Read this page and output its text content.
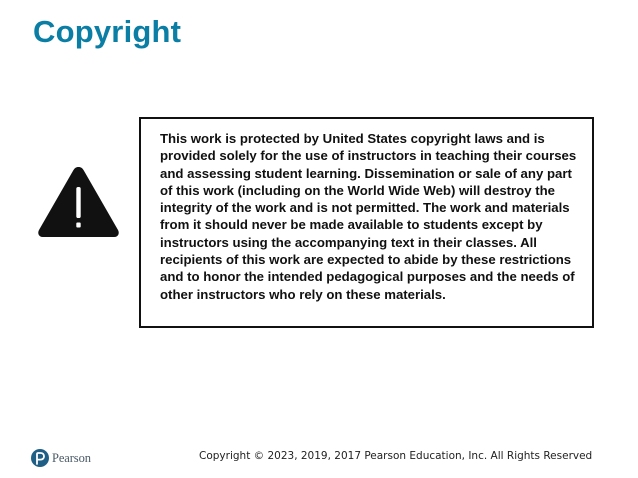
Copyright

This work is protected by United States copyright laws and is provided solely for the use of instructors in teaching their courses and assessing student learning. Dissemination or sale of any part of this work (including on the World Wide Web) will destroy the integrity of the work and is not permitted. The work and materials from it should never be made available to students except by instructors using the accompanying text in their classes. All recipients of this work are expected to abide by these restrictions and to honor the intended pedagogical purposes and the needs of other instructors who rely on these materials.

Pearson	Copyright © 2023, 2019, 2017 Pearson Education, Inc. All Rights Reserved
